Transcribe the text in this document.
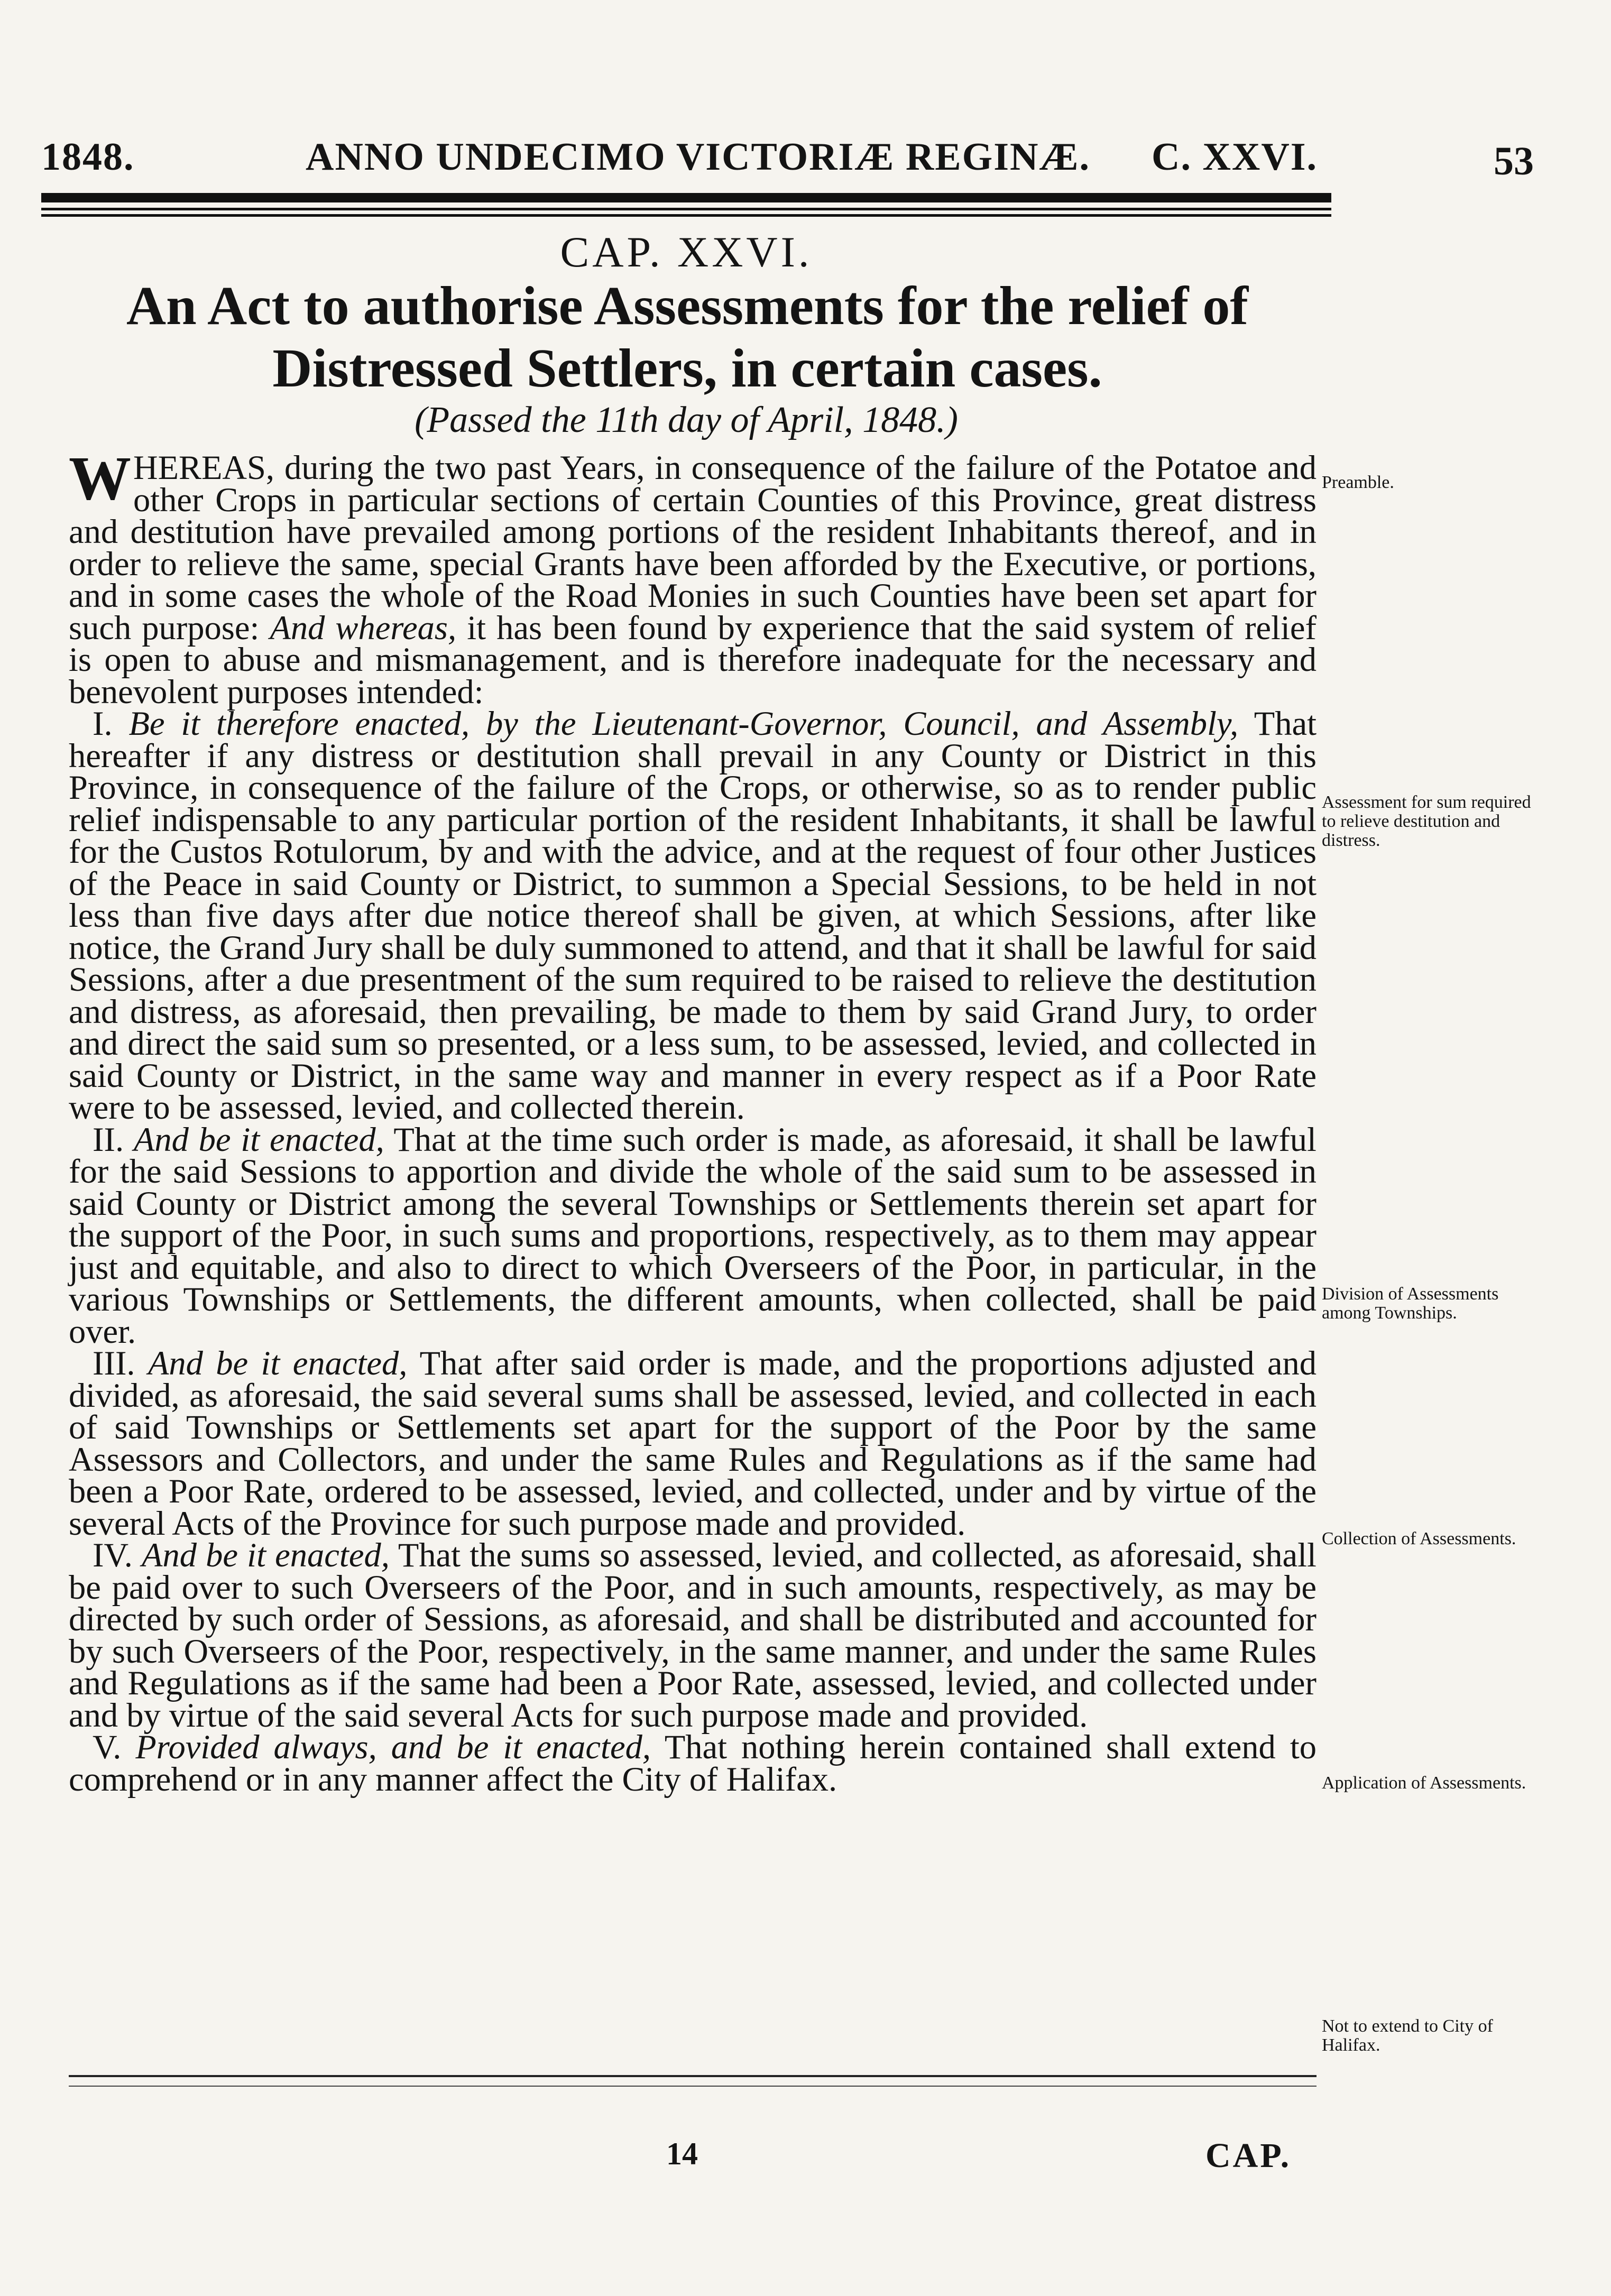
1848.	ANNO UNDECIMO VICTORIÆ REGINÆ. C. XXVI.	53
CAP. XXVI.
An Act to authorise Assessments for the relief of Distressed Settlers, in certain cases.
(Passed the 11th day of April, 1848.)

WHEREAS, during the two past Years, in consequence of the failure of the Potatoe and other Crops in particular sections of certain Counties of this Province, great distress and destitution have prevailed among portions of the resident Inhabitants thereof, and in order to relieve the same, special Grants have been afforded by the Executive, or portions, and in some cases the whole of the Road Monies in such Counties have been set apart for such purpose: And whereas, it has been found by experience that the said system of relief is open to abuse and mismanagement, and is therefore inadequate for the necessary and benevolent purposes intended:

I. Be it therefore enacted, by the Lieutenant-Governor, Council, and Assembly, That hereafter if any distress or destitution shall prevail in any County or District in this Province, in consequence of the failure of the Crops, or otherwise, so as to render public relief indispensable to any particular portion of the resident Inhabitants, it shall be lawful for the Custos Rotulorum, by and with the advice, and at the request of four other Justices of the Peace in said County or District, to summon a Special Sessions, to be held in not less than five days after due notice thereof shall be given, at which Sessions, after like notice, the Grand Jury shall be duly summoned to attend, and that it shall be lawful for said Sessions, after a due presentment of the sum required to be raised to relieve the destitution and distress, as aforesaid, then prevailing, be made to them by said Grand Jury, to order and direct the said sum so presented, or a less sum, to be assessed, levied, and collected in said County or District, in the same way and manner in every respect as if a Poor Rate were to be assessed, levied, and collected therein.

II. And be it enacted, That at the time such order is made, as aforesaid, it shall be lawful for the said Sessions to apportion and divide the whole of the said sum to be assessed in said County or District among the several Townships or Settlements therein set apart for the support of the Poor, in such sums and proportions, respectively, as to them may appear just and equitable, and also to direct to which Overseers of the Poor, in particular, in the various Townships or Settlements, the different amounts, when collected, shall be paid over.

III. And be it enacted, That after said order is made, and the proportions adjusted and divided, as aforesaid, the said several sums shall be assessed, levied, and collected in each of said Townships or Settlements set apart for the support of the Poor by the same Assessors and Collectors, and under the same Rules and Regulations as if the same had been a Poor Rate, ordered to be assessed, levied, and collected, under and by virtue of the several Acts of the Province for such purpose made and provided.

IV. And be it enacted, That the sums so assessed, levied, and collected, as aforesaid, shall be paid over to such Overseers of the Poor, and in such amounts, respectively, as may be directed by such order of Sessions, as aforesaid, and shall be distributed and accounted for by such Overseers of the Poor, respectively, in the same manner, and under the same Rules and Regulations as if the same had been a Poor Rate, assessed, levied, and collected under and by virtue of the said several Acts for such purpose made and provided.

V. Provided always, and be it enacted, That nothing herein contained shall extend to comprehend or in any manner affect the City of Halifax.

Preamble.
Assessment for sum required to relieve destitution and distress.
Division of Assessments among Townships.
Collection of Assessments.
Application of Assessments.
Not to extend to City of Halifax.
14	CAP.
